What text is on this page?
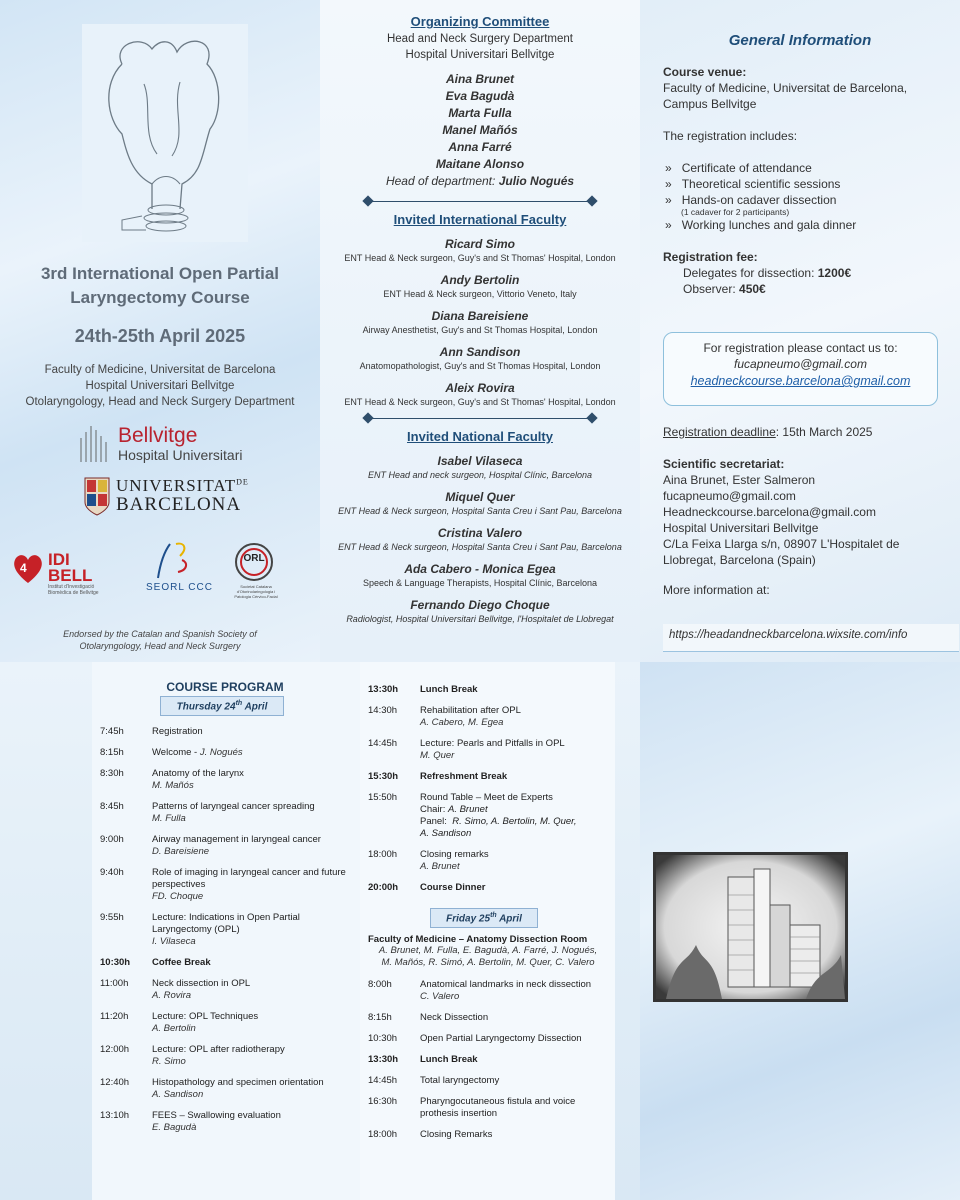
3rd International Open Partial
Laryngectomy Course
24th-25th April 2025
Faculty of Medicine, Universitat de Barcelona
Hospital Universitari Bellvitge
Otolaryngology, Head and Neck Surgery Department
Bellvitge
Hospital Universitari
$UNIVERSITAT^{DE}$
BARCELONA
4 IDI BELL
Institut d'Investigació Biomèdica de Bellvitge	SEORL CCC
ORL
Societat Catalana d'Otorinolaringologia i Patologia Cèrvico-Facial
Endorsed by the Catalan and Spanish Society of
Otolaryngology, Head and Neck Surgery
Organizing Committee
Head and Neck Surgery Department
Hospital Universitari Bellvitge
Aina Brunet
Eva Bagudà
Marta Fulla
Manel Mañós
Anna Farré
Maitane Alonso
Head of department: Julio Nogués
Invited International Faculty
Ricard Simo
ENT Head & Neck surgeon, Guy's and St Thomas' Hospital, London
Andy Bertolin
ENT Head & Neck surgeon, Vittorio Veneto, Italy
Diana Bareisiene
Airway Anesthetist, Guy's and St Thomas Hospital, London
Ann Sandison
Anatomopathologist, Guy's and St Thomas Hospital, London
Aleix Rovira
ENT Head & Neck surgeon, Guy's and St Thomas' Hospital, London
Invited National Faculty
Isabel Vilaseca
ENT Head and neck surgeon, Hospital Clínic, Barcelona
Miquel Quer
ENT Head & Neck surgeon, Hospital Santa Creu i Sant Pau, Barcelona
Cristina Valero
ENT Head & Neck surgeon, Hospital Santa Creu i Sant Pau, Barcelona
Ada Cabero - Monica Egea
Speech & Language Therapists, Hospital Clínic, Barcelona
Fernando Diego Choque
Radiologist, Hospital Universitari Bellvitge, l'Hospitalet de Llobregat
General Information
Course venue:
Faculty of Medicine, Universitat de Barcelona,
Campus Bellvitge
The registration includes:
»   Certificate of attendance
»   Theoretical scientific sessions
»   Hands-on cadaver dissection
(1 cadaver for 2 participants)
»   Working lunches and gala dinner
Registration fee:
Delegates for dissection: 1200€
Observer: 450€
For registration please contact us to:
fucapneumo@gmail.com
headneckcourse.barcelona@gmail.com
Registration deadline: 15th March 2025
Scientific secretariat:
Aina Brunet, Ester Salmeron
fucapneumo@gmail.com
Headneckcourse.barcelona@gmail.com
Hospital Universitari Bellvitge
C/La Feixa Llarga s/n, 08907 L'Hospitalet de
Llobregat, Barcelona (Spain)
More information at:
https://headandneckbarcelona.wixsite.com/info
COURSE PROGRAM
Thursday 24th April
7:45h	Registration
8:15h	Welcome - J. Nogués
8:30h	Anatomy of the larynx
M. Mañós
8:45h	Patterns of laryngeal cancer spreading
M. Fulla
9:00h	Airway management in laryngeal cancer
D. Bareisiene
9:40h	Role of imaging in laryngeal cancer and future perspectives
FD. Choque
9:55h	Lecture: Indications in Open Partial Laryngectomy (OPL)
I. Vilaseca
10:30h	Coffee Break
11:00h	Neck dissection in OPL
A. Rovira
11:20h	Lecture: OPL Techniques
A. Bertolin
12:00h	Lecture: OPL after radiotherapy
R. Simo
12:40h	Histopathology and specimen orientation
A. Sandison
13:10h	FEES – Swallowing evaluation
E. Bagudà
13:30h	Lunch Break
14:30h	Rehabilitation after OPL
A. Cabero, M. Egea
14:45h	Lecture: Pearls and Pitfalls in OPL
M. Quer
15:30h	Refreshment Break
15:50h	Round Table – Meet de Experts
Chair: A. Brunet
Panel: R. Simo, A. Bertolin, M. Quer,
A. Sandison
18:00h	Closing remarks
A. Brunet
20:00h	Course Dinner
Friday 25th April
Faculty of Medicine – Anatomy Dissection Room
A. Brunet, M. Fulla, E. Bagudà, A. Farré, J. Nogués,
M. Mañós, R. Simó, A. Bertolin, M. Quer, C. Valero
8:00h	Anatomical landmarks in neck dissection
C. Valero
8:15h	Neck Dissection
10:30h	Open Partial Laryngectomy Dissection
13:30h	Lunch Break
14:45h	Total laryngectomy
16:30h	Pharyngocutaneous fistula and voice prothesis insertion
18:00h	Closing Remarks
